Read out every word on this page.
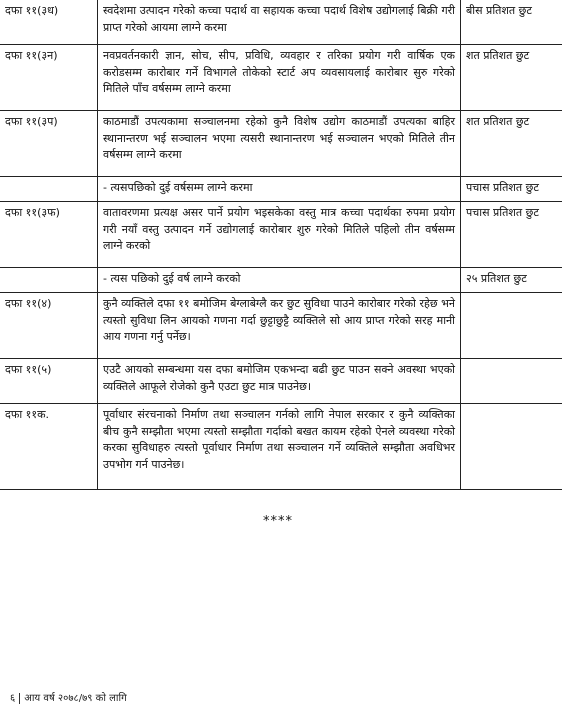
दफा ११(३ध)	स्वदेशमा उत्पादन गरेको कच्चा पदार्थ वा सहायक कच्चा पदार्थ विशेष उद्योगलाई बिक्री गरी प्राप्त गरेको आयमा लाग्ने करमा	बीस प्रतिशत छुट
दफा ११(३न)	नवप्रवर्तनकारी ज्ञान, सोच, सीप, प्रविधि, व्यवहार र तरिका प्रयोग गरी वार्षिक एक करोडसम्म कारोबार गर्ने विभागले तोकेको स्टार्ट अप व्यवसायलाई कारोबार सुरु गरेको मितिले पाँच वर्षसम्म लाग्ने करमा	शत प्रतिशत छुट
दफा ११(३प)	काठमाडौं उपत्यकामा सञ्चालनमा रहेको कुनै विशेष उद्योग काठमाडौं उपत्यका बाहिर स्थानान्तरण भई सञ्चालन भएमा त्यसरी स्थानान्तरण भई सञ्चालन भएको मितिले तीन वर्षसम्म लाग्ने करमा	शत प्रतिशत छुट
	- त्यसपछिको दुई वर्षसम्म लाग्ने करमा	पचास प्रतिशत छुट
दफा ११(३फ)	वातावरणमा प्रत्यक्ष असर पार्ने प्रयोग भइसकेका वस्तु मात्र कच्चा पदार्थका रुपमा प्रयोग गरी नयाँ वस्तु उत्पादन गर्ने उद्योगलाई कारोबार शुरु गरेको मितिले पहिलो तीन वर्षसम्म लाग्ने करको	पचास प्रतिशत छुट
	- त्यस पछिको दुई वर्ष लाग्ने करको	२५ प्रतिशत छुट
दफा ११(४)	कुनै व्यक्तिले दफा ११ बमोजिम बेग्लाबेग्लै कर छुट सुविधा पाउने कारोबार गरेको रहेछ भने त्यस्तो सुविधा लिन आयको गणना गर्दा छुट्टाछुट्टै व्यक्तिले सो आय प्राप्त गरेको सरह मानी आय गणना गर्नु पर्नेछ।	
दफा ११(५)	एउटै आयको सम्बन्धमा यस दफा बमोजिम एकभन्दा बढी छुट पाउन सक्ने अवस्था भएको व्यक्तिले आफूले रोजेको कुनै एउटा छुट मात्र पाउनेछ।	
दफा ११क.	पूर्वाधार संरचनाको निर्माण तथा सञ्चालन गर्नको लागि नेपाल सरकार र कुनै व्यक्तिका बीच कुनै सम्झौता भएमा त्यस्तो सम्झौता गर्दाको बखत कायम रहेको ऐनले व्यवस्था गरेको करका सुविधाहरु त्यस्तो पूर्वाधार निर्माण तथा सञ्चालन गर्ने व्यक्तिले सम्झौता अवधिभर उपभोग गर्न पाउनेछ।	
****
६ आय वर्ष २०७८/७९ को लागि
